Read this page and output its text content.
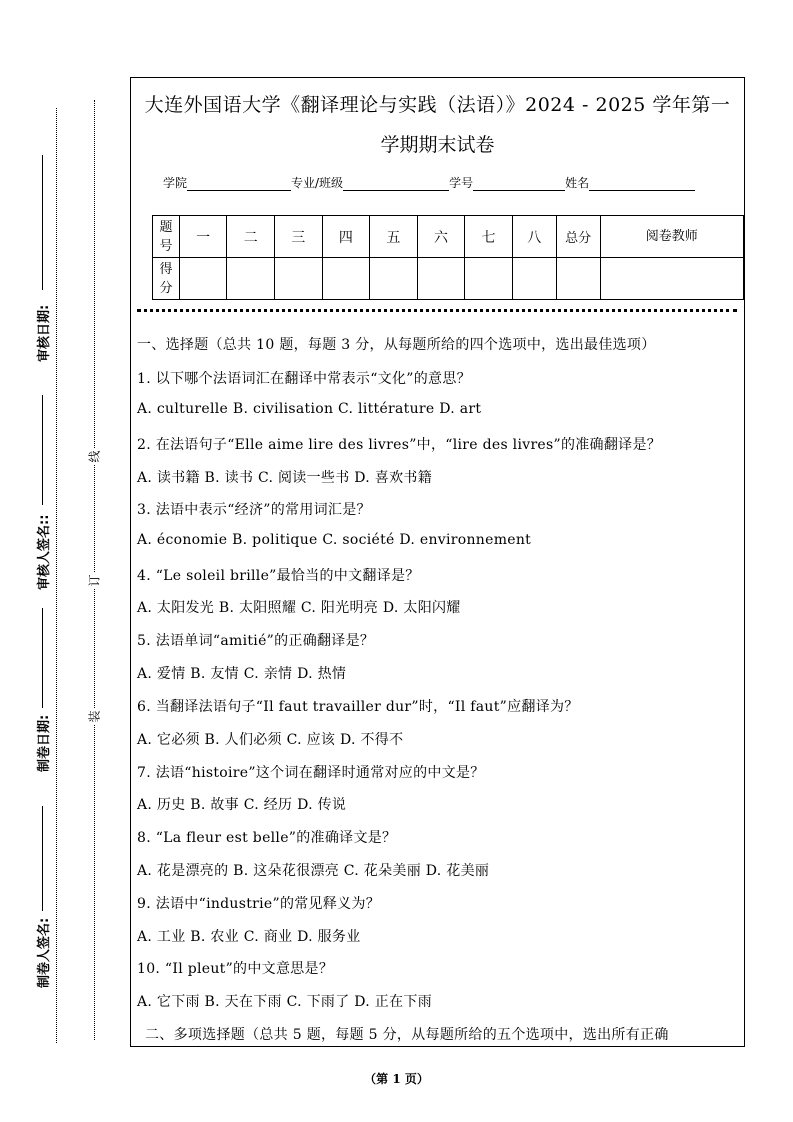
审核日期:
审核人签名::
制卷日期:
制卷人签名:
线
订
装
大连外国语大学《翻译理论与实践（法语）》2024 - 2025 学年第一
学期期末试卷
学院	专业/班级	学号	姓名
题号	一	二	三	四	五	六	七	八	总分	阅卷教师
得分										
一、选择题（总共 10 题，每题 3 分，从每题所给的四个选项中，选出最佳选项）
1. 以下哪个法语词汇在翻译中常表示“文化”的意思？
A. culturelle B. civilisation C. littérature D. art
2. 在法语句子“Elle aime lire des livres”中，“lire des livres”的准确翻译是？
A. 读书籍 B. 读书 C. 阅读一些书 D. 喜欢书籍
3. 法语中表示“经济”的常用词汇是？
A. économie B. politique C. société D. environnement
4. “Le soleil brille”最恰当的中文翻译是？
A. 太阳发光 B. 太阳照耀 C. 阳光明亮 D. 太阳闪耀
5. 法语单词“amitié”的正确翻译是？
A. 爱情 B. 友情 C. 亲情 D. 热情
6. 当翻译法语句子“Il faut travailler dur”时，“Il faut”应翻译为？
A. 它必须 B. 人们必须 C. 应该 D. 不得不
7. 法语“histoire”这个词在翻译时通常对应的中文是？
A. 历史 B. 故事 C. 经历 D. 传说
8. “La fleur est belle”的准确译文是？
A. 花是漂亮的 B. 这朵花很漂亮 C. 花朵美丽 D. 花美丽
9. 法语中“industrie”的常见释义为？
A. 工业 B. 农业 C. 商业 D. 服务业
10. “Il pleut”的中文意思是？
A. 它下雨 B. 天在下雨 C. 下雨了 D. 正在下雨
二、多项选择题（总共 5 题，每题 5 分，从每题所给的五个选项中，选出所有正确
（第 1 页）
